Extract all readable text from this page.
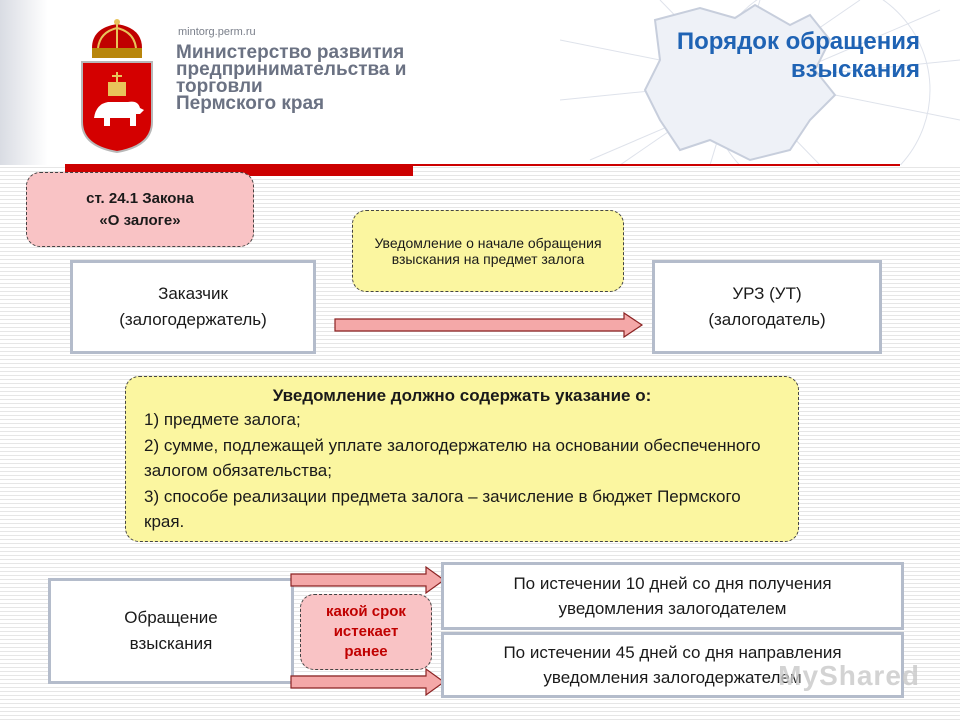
mintorg.perm.ru
Министерство развития
предпринимательства и
торговли
Пермского края
Порядок обращения
взыскания
ст. 24.1 Закона
«О залоге»
Уведомление о начале обращения взыскания на предмет залога
Заказчик
(залогодержатель)
УРЗ (УТ)
(залогодатель)
Уведомление должно содержать указание о:
1) предмете залога;
2) сумме, подлежащей уплате залогодержателю на основании обеспеченного залогом обязательства;
3) способе реализации предмета залога – зачисление в бюджет Пермского края.
Обращение
взыскания
какой срок
истекает
ранее
По истечении 10 дней со дня получения
уведомления залогодателем
По истечении 45 дней со дня направления
уведомления залогодержателем
MyShared
